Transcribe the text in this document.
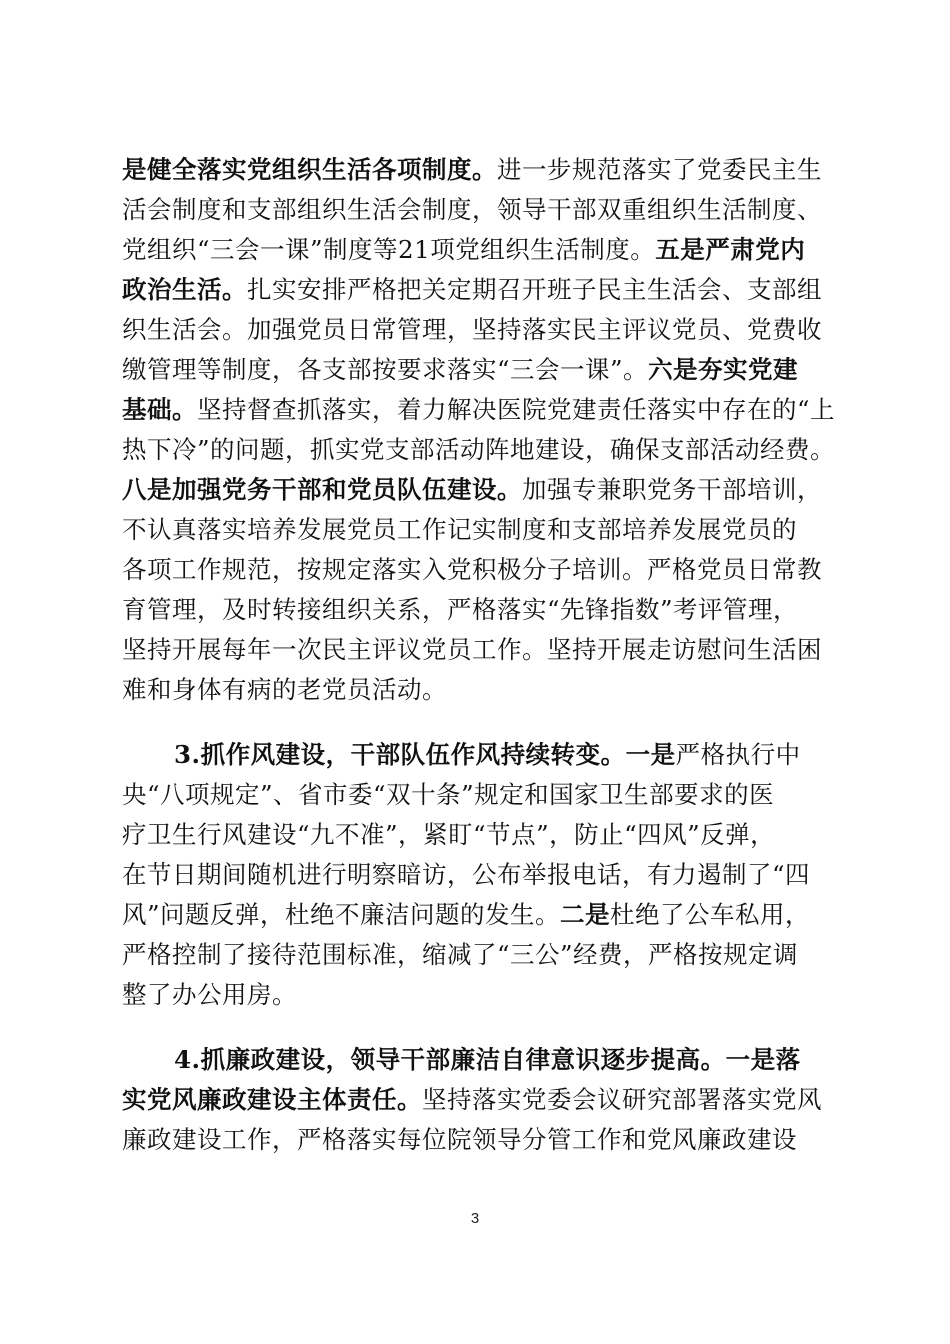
是健全落实党组织生活各项制度。进一步规范落实了党委民主生
活会制度和支部组织生活会制度，领导干部双重组织生活制度、
党组织“三会一课”制度等21项党组织生活制度。五是严肃党内
政治生活。扎实安排严格把关定期召开班子民主生活会、支部组
织生活会。加强党员日常管理，坚持落实民主评议党员、党费收
缴管理等制度，各支部按要求落实“三会一课”。六是夯实党建
基础。坚持督查抓落实，着力解决医院党建责任落实中存在的“上
热下冷”的问题，抓实党支部活动阵地建设，确保支部活动经费。
八是加强党务干部和党员队伍建设。加强专兼职党务干部培训，
不认真落实培养发展党员工作记实制度和支部培养发展党员的
各项工作规范，按规定落实入党积极分子培训。严格党员日常教
育管理，及时转接组织关系，严格落实“先锋指数”考评管理，
坚持开展每年一次民主评议党员工作。坚持开展走访慰问生活困
难和身体有病的老党员活动。
3.抓作风建设，干部队伍作风持续转变。一是严格执行中
央“八项规定”、省市委“双十条”规定和国家卫生部要求的医
疗卫生行风建设“九不准”，紧盯“节点”，防止“四风”反弹，
在节日期间随机进行明察暗访，公布举报电话，有力遏制了“四
风”问题反弹，杜绝不廉洁问题的发生。二是杜绝了公车私用，
严格控制了接待范围标准，缩减了“三公”经费，严格按规定调
整了办公用房。
4.抓廉政建设，领导干部廉洁自律意识逐步提高。一是落
实党风廉政建设主体责任。坚持落实党委会议研究部署落实党风
廉政建设工作，严格落实每位院领导分管工作和党风廉政建设
3
